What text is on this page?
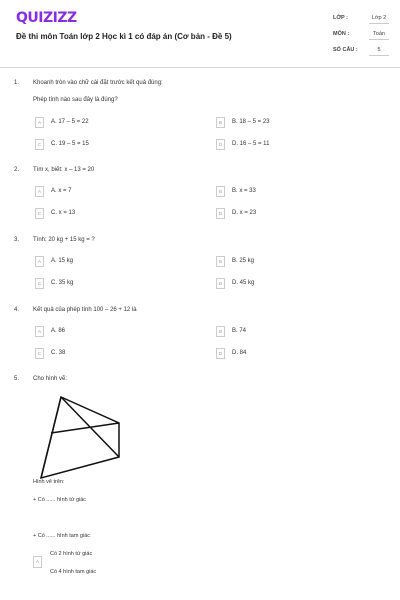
QUIZIZZ
Đề thi môn Toán lớp 2 Học kì 1 có đáp án (Cơ bản - Đề 5)
LỚP :	Lớp 2
MÔN :	Toán
SỐ CÂU :	5
1. Khoanh tròn vào chữ cái đặt trước kết quả đúng:
Phép tính nào sau đây là đúng?
A	A. 17 – 5 = 22	B	B. 18 – 5 = 23
C	C. 19 – 5 = 15	D	D. 16 – 5 = 11
2. Tìm x, biết: x – 13 = 20
A	A. x = 7	B	B. x = 33
C	C. x = 13	D	D. x = 23
3. Tính: 20 kg + 15 kg = ?
A	A. 15 kg	B	B. 25 kg
C	C. 35 kg	D	D. 45 kg
4. Kết quả của phép tính 100 – 26 + 12 là
A	A. 86	B	B. 74
C	C. 38	D	D. 84
5. Cho hình vẽ:
Hình vẽ trên:
+ Có ...... hình tứ giác
+ Có ...... hình tam giác
Có 2 hình tứ giác
A
Có 4 hình tam giác
